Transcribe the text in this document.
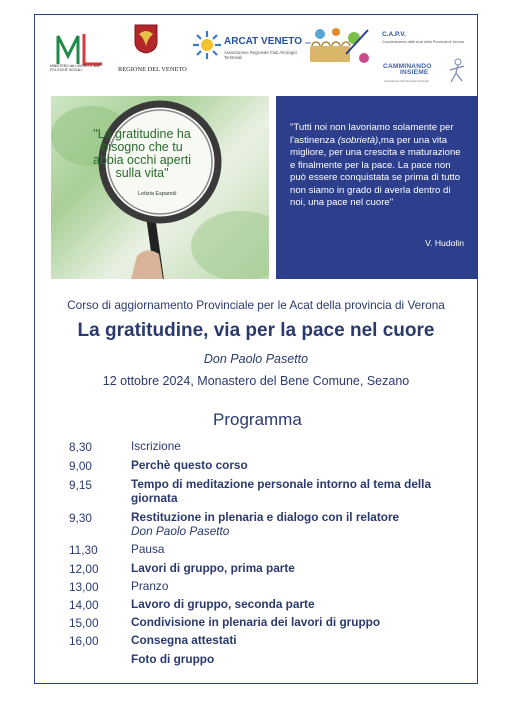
MINISTERO del LAVORO e delle POLITICHE SOCIALI	REGIONE DEL VENETO
ARCAT VENETO odv
Associazione Regionale Club Alcologici Territoriali
C.A.P.V.
Coordinamento delle Acat della Provincia di Verona
CAMMINANDO
INSIEME
Associazione Club Alcologici Territoriali
"La gratitudine ha bisogno che tu abbia occhi aperti sulla vita"
Letizia Espanoli
"Tutti noi non lavoriamo solamente per l'astinenza (sobrietà),ma per una vita migliore, per una crescita e maturazione e finalmente per la pace. La pace non può essere conquistata se prima di tutto non siamo in grado di averla dentro di noi, una pace nel cuore"
V. Hudolin
Corso di aggiornamento Provinciale per le Acat della provincia di Verona
La gratitudine, via per la pace nel cuore
Don Paolo Pasetto
12 ottobre 2024, Monastero del Bene Comune, Sezano
Programma
8,30	Iscrizione
9,00	Perchè questo corso
9,15	Tempo di meditazione personale intorno al tema della giornata
9,30	Restituzione in plenaria e dialogo con il relatore
Don Paolo Pasetto
11,30	Pausa
12,00	Lavori di gruppo, prima parte
13,00	Pranzo
14,00	Lavoro di gruppo, seconda parte
15,00	Condivisione in plenaria dei lavori di gruppo
16,00	Consegna attestati
Foto di gruppo
